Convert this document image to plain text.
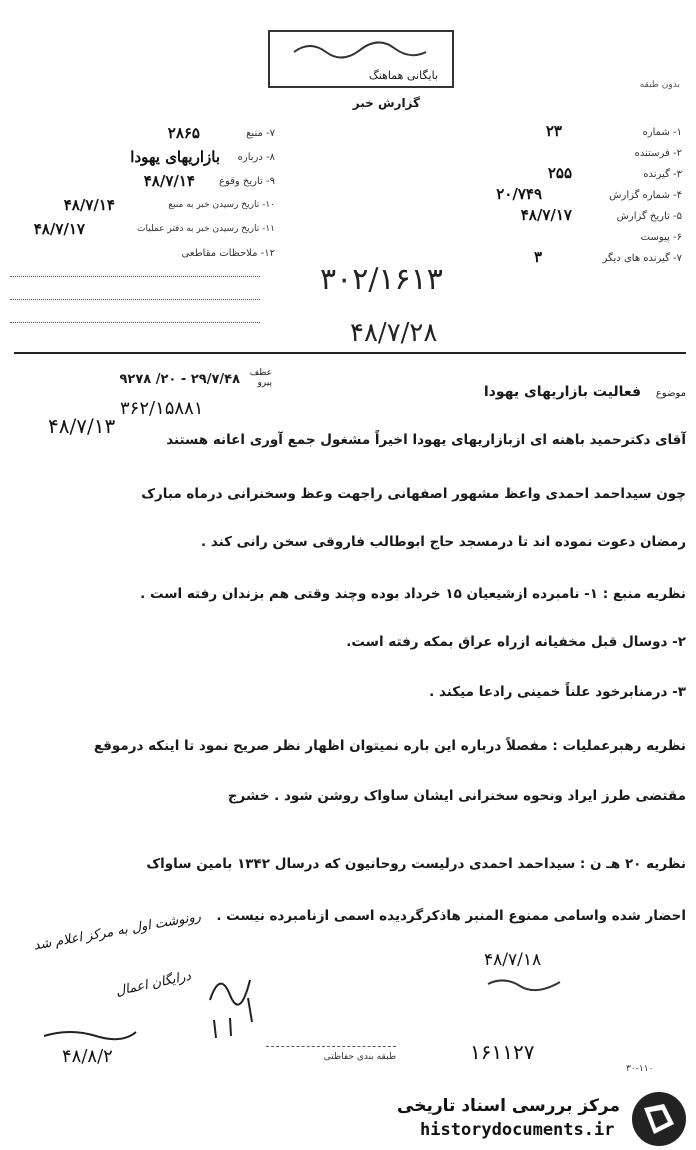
بایگانی هماهنگ
بدون طبقه
گزارش خبر
۷- منبع
۲۸۶۵
۸- درباره
بازاریهای یهودا
۹- تاریخ وقوع
۴۸/۷/۱۴
۱۰- تاریخ رسیدن خبر به منبع
۴۸/۷/۱۴
۱۱- تاریخ رسیدن خبر به دفتر عملیات
۴۸/۷/۱۷
۱۲- ملاحظات مقاطعی
۱- شماره
۲۳
۲- فرستنده
۳- گیرنده
۲۵۵
۴- شماره گزارش
۲۰/۷۴۹
۵- تاریخ گزارش
۴۸/۷/۱۷
۶- پیوست
۷- گیرنده های دیگر
۳
۳۰۲/۱۶۱۳
۴۸/۷/۲۸
۲۹/۷/۴۸ - ۲۰/ ۹۲۷۸	عطف
پیرو
۳۶۲/۱۵۸۸۱
۴۸/۷/۱۳
موضوع
فعالیت بازاریهای یهودا
آقای دکترحمید باهنه ای ازبازاریهای یهودا اخیراً مشغول جمع آوری اعانه هستند
چون سیداحمد احمدی واعظ مشهور اصفهانی راجهت وعظ وسخنرانی درماه مبارک
رمضان دعوت نموده اند تا درمسجد حاج ابوطالب فاروقی سخن رانی کند .
نظریه منبع : ۱- نامبرده ازشیعیان ۱۵ خرداد بوده وچند وقتی هم بزندان رفته است .
۲- دوسال قبل مخفیانه ازراه عراق بمکه رفته است.
۳- درمنابرخود علناً خمینی رادعا میکند .
نظریه رهبرعملیات : مفصلاً درباره این باره نمیتوان اظهار نظر صریح نمود تا اینکه درموقع
مقتضی طرز ایراد ونحوه سخنرانی ایشان ساواک روشن شود . خشرج
نظریه ۲۰ هـ ن : سیداحمد احمدی درلیست روحانیون که درسال ۱۳۴۲ بامین ساواک
احضار شده واسامی ممنوع المنبر هاذکرگردیده اسمی ازنامبرده نیست .
رونوشت اول به مرکز اعلام شد
درایگان اعمال
۴۸/۷/۱۸
۴۸/۸/۲	۱۶۱۱۲۷
طبقه بندی حفاظتی
۳۰-۱۱۰
مرکز بررسی اسناد تاریخی
historydocuments.ir
